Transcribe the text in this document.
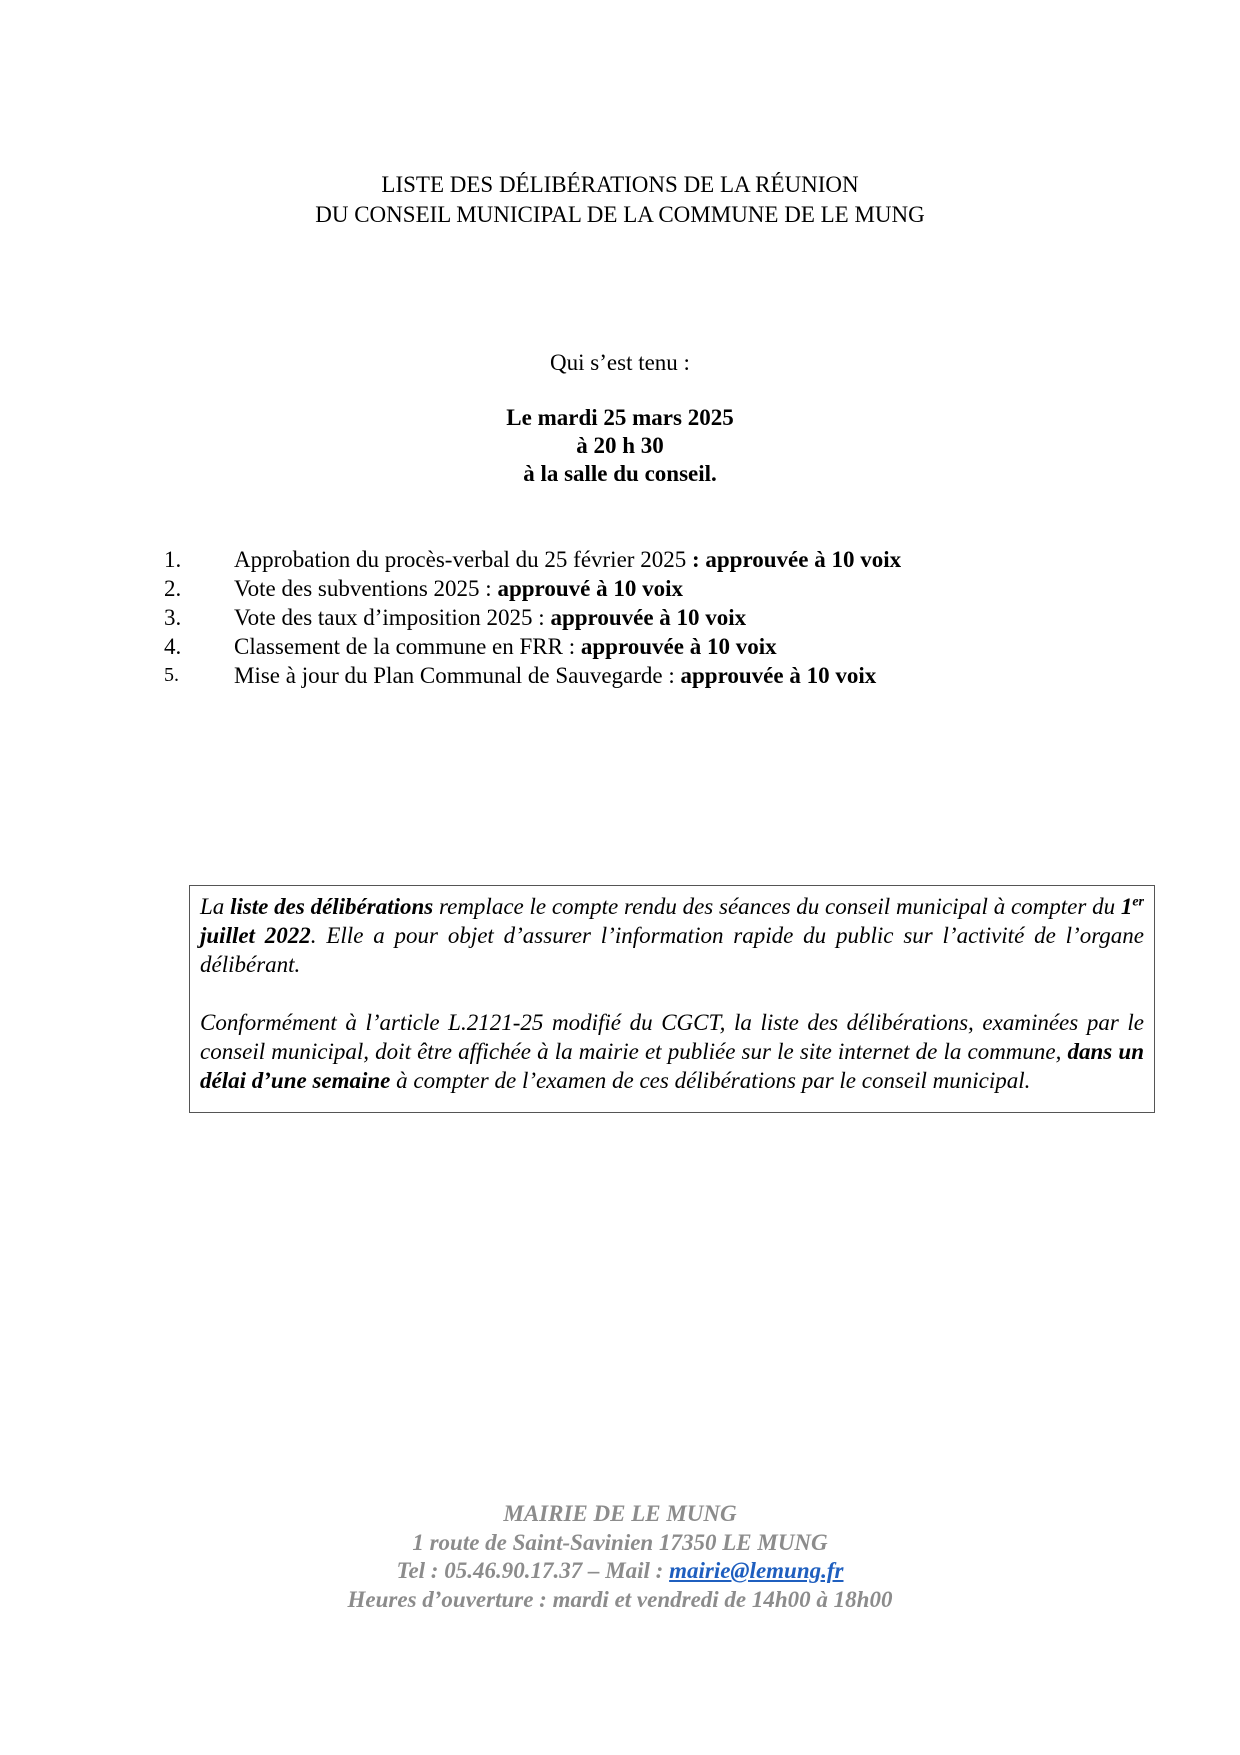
LISTE DES DÉLIBÉRATIONS DE LA RÉUNION
DU CONSEIL MUNICIPAL DE LA COMMUNE DE LE MUNG
Qui s’est tenu :
Le mardi 25 mars 2025
à 20 h 30
à la salle du conseil.
1. Approbation du procès-verbal du 25 février 2025 : approuvée à 10 voix
2. Vote des subventions 2025 : approuvé à 10 voix
3. Vote des taux d’imposition 2025 : approuvée à 10 voix
4. Classement de la commune en FRR : approuvée à 10 voix
5. Mise à jour du Plan Communal de Sauvegarde : approuvée à 10 voix

La liste des délibérations remplace le compte rendu des séances du conseil municipal à compter du 1er juillet 2022. Elle a pour objet d’assurer l’information rapide du public sur l’activité de l’organe délibérant.

Conformément à l’article L.2121-25 modifié du CGCT, la liste des délibérations, examinées par le conseil municipal, doit être affichée à la mairie et publiée sur le site internet de la commune, dans un délai d’une semaine à compter de l’examen de ces délibérations par le conseil municipal.

MAIRIE DE LE MUNG
1 route de Saint-Savinien 17350 LE MUNG
Tel : 05.46.90.17.37 – Mail : mairie@lemung.fr
Heures d’ouverture : mardi et vendredi de 14h00 à 18h00
